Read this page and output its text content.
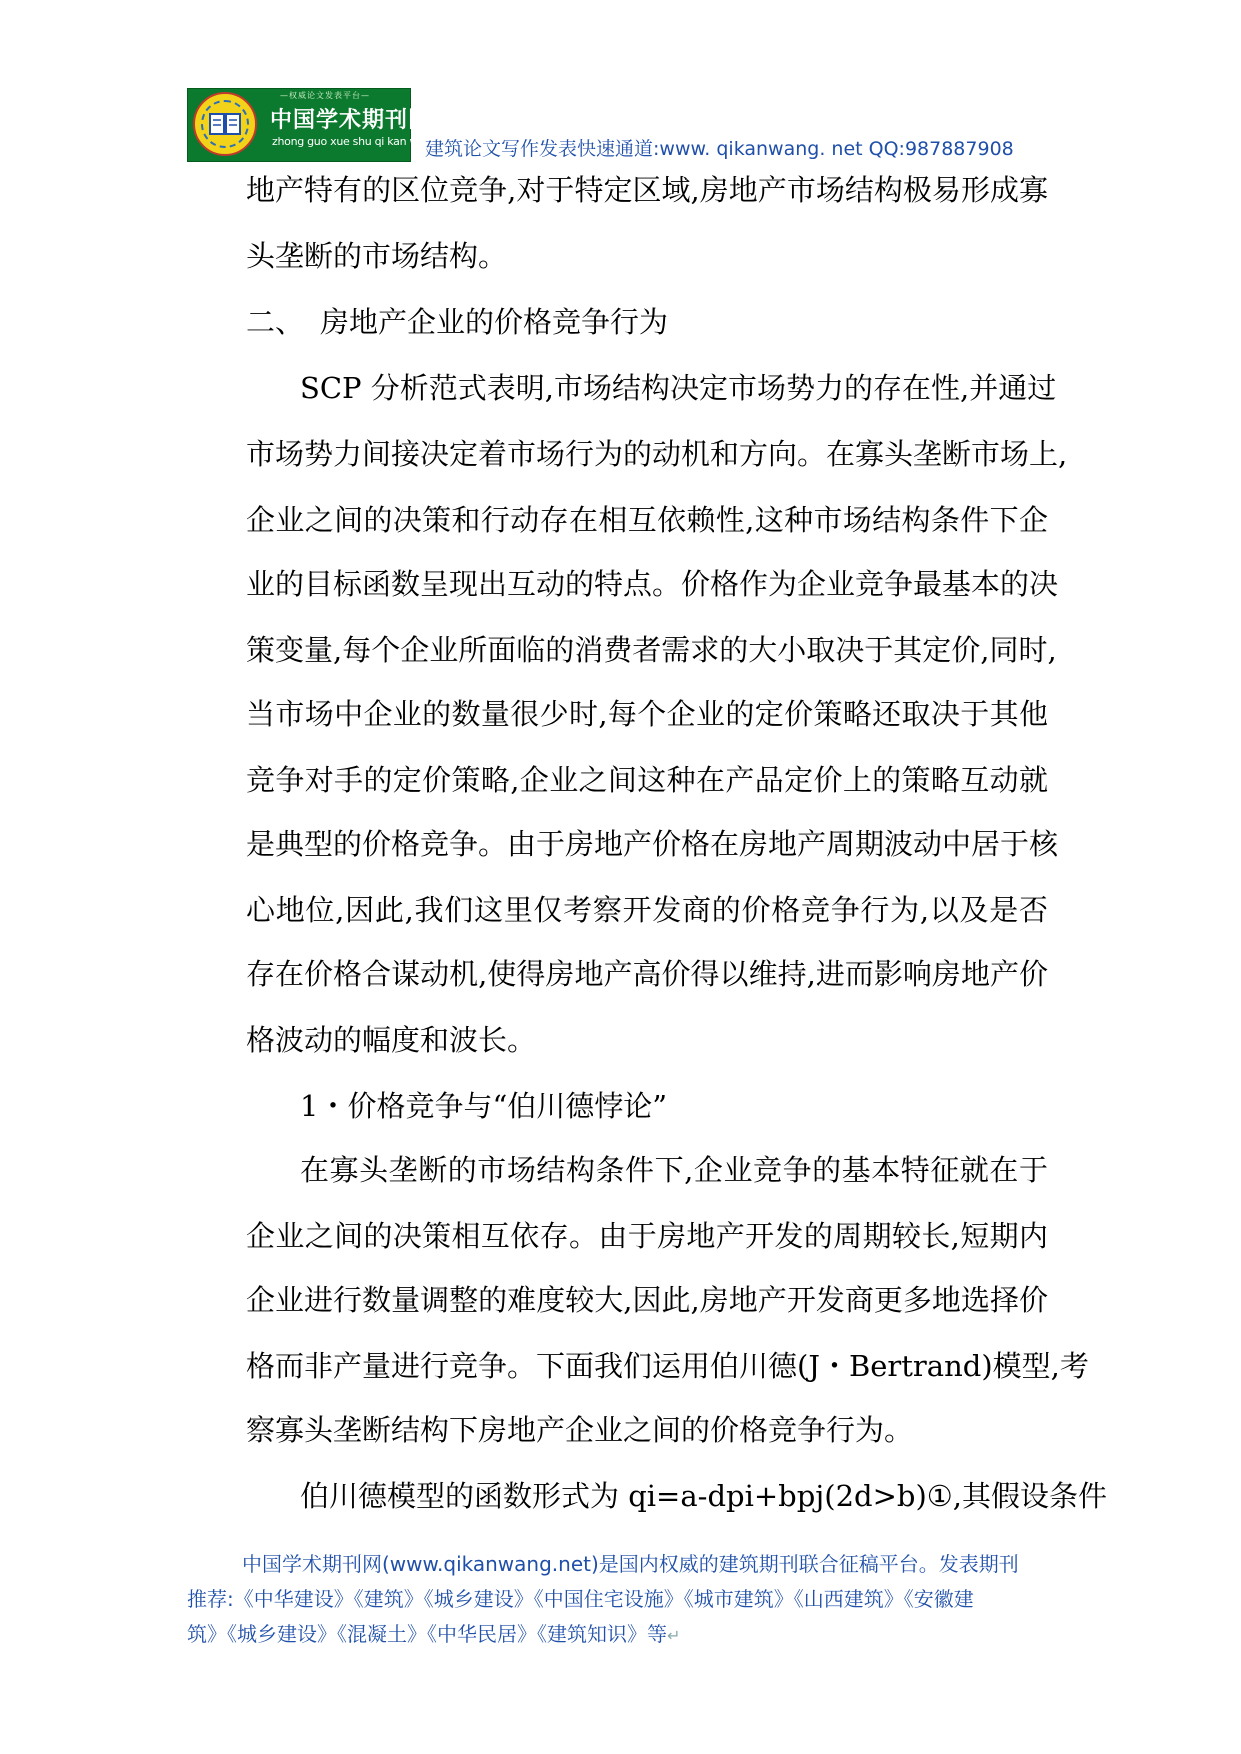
—权威论文发表平台—
中国学术期刊网
zhong guo xue shu qi kan wang
建筑论文写作发表快速通道:www. qikanwang. net QQ:987887908
地产特有的区位竞争,对于特定区域,房地产市场结构极易形成寡
头垄断的市场结构。
二、 房地产企业的价格竞争行为
SCP 分析范式表明,市场结构决定市场势力的存在性,并通过
市场势力间接决定着市场行为的动机和方向。在寡头垄断市场上,
企业之间的决策和行动存在相互依赖性,这种市场结构条件下企
业的目标函数呈现出互动的特点。价格作为企业竞争最基本的决
策变量,每个企业所面临的消费者需求的大小取决于其定价,同时,
当市场中企业的数量很少时,每个企业的定价策略还取决于其他
竞争对手的定价策略,企业之间这种在产品定价上的策略互动就
是典型的价格竞争。由于房地产价格在房地产周期波动中居于核
心地位,因此,我们这里仅考察开发商的价格竞争行为,以及是否
存在价格合谋动机,使得房地产高价得以维持,进而影响房地产价
格波动的幅度和波长。
1・价格竞争与“伯川德悖论”
在寡头垄断的市场结构条件下,企业竞争的基本特征就在于
企业之间的决策相互依存。由于房地产开发的周期较长,短期内
企业进行数量调整的难度较大,因此,房地产开发商更多地选择价
格而非产量进行竞争。下面我们运用伯川德(J・Bertrand)模型,考
察寡头垄断结构下房地产企业之间的价格竞争行为。
伯川德模型的函数形式为 qi=a-dpi+bpj(2d>b)①,其假设条件
中国学术期刊网(www.qikanwang.net)是国内权威的建筑期刊联合征稿平台。发表期刊
推荐:《中华建设》《建筑》《城乡建设》《中国住宅设施》《城市建筑》《山西建筑》《安徽建
筑》《城乡建设》《混凝土》《中华民居》《建筑知识》等↵
